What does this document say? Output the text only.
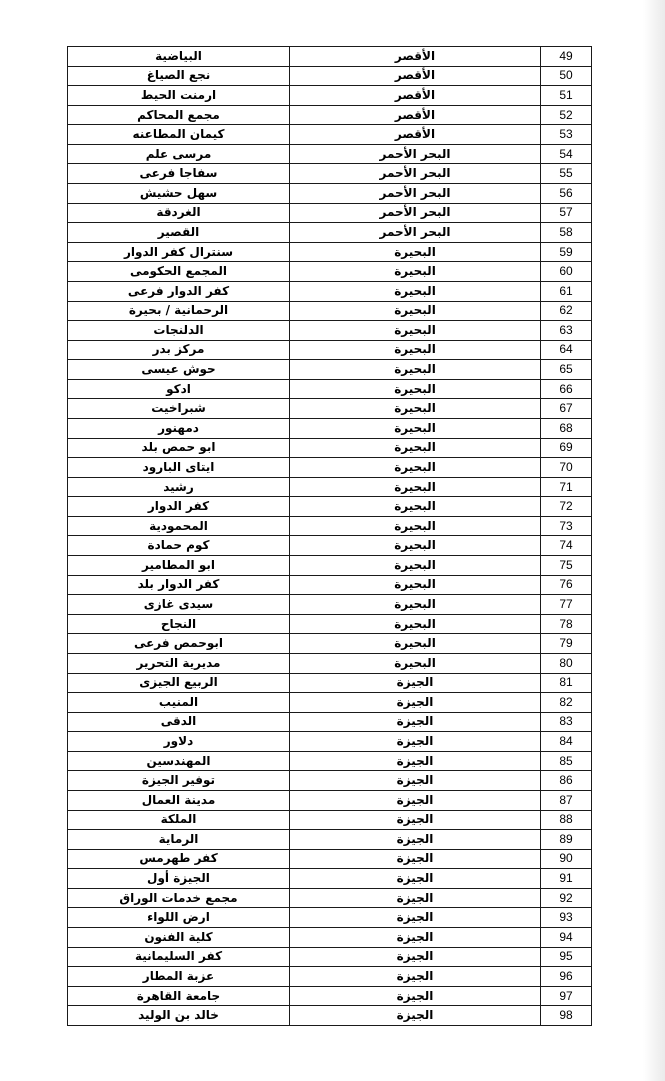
البياضية	الأقصر	49
نجع الصياغ	الأقصر	50
ارمنت الحيط	الأقصر	51
مجمع المحاكم	الأقصر	52
كيمان المطاعنه	الأقصر	53
مرسى علم	البحر الأحمر	54
سفاجا فرعى	البحر الأحمر	55
سهل حشيش	البحر الأحمر	56
الغردقة	البحر الأحمر	57
القصير	البحر الأحمر	58
سنترال كفر الدوار	البحيرة	59
المجمع الحكومى	البحيرة	60
كفر الدوار فرعى	البحيرة	61
الرحمانية / بحيرة	البحيرة	62
الدلنجات	البحيرة	63
مركز بدر	البحيرة	64
حوش عيسى	البحيرة	65
ادكو	البحيرة	66
شبراخيت	البحيرة	67
دمهنور	البحيرة	68
ابو حمص بلد	البحيرة	69
ايتاى البارود	البحيرة	70
رشيد	البحيرة	71
كفر الدوار	البحيرة	72
المحمودية	البحيرة	73
كوم حمادة	البحيرة	74
ابو المطامير	البحيرة	75
كفر الدوار بلد	البحيرة	76
سيدى غازى	البحيرة	77
النجاح	البحيرة	78
ابوحمص فرعى	البحيرة	79
مديرية التحرير	البحيرة	80
الربيع الجيزى	الجيزة	81
المنيب	الجيزة	82
الدقى	الجيزة	83
دلاور	الجيزة	84
المهندسين	الجيزة	85
توفير الجيزة	الجيزة	86
مدينة العمال	الجيزة	87
الملكة	الجيزة	88
الرماية	الجيزة	89
كفر طهرمس	الجيزة	90
الجيزة أول	الجيزة	91
مجمع خدمات الوراق	الجيزة	92
ارض اللواء	الجيزة	93
كلية الفنون	الجيزة	94
كفر السليمانية	الجيزة	95
عزبة المطار	الجيزة	96
جامعة القاهرة	الجيزة	97
خالد بن الوليد	الجيزة	98
